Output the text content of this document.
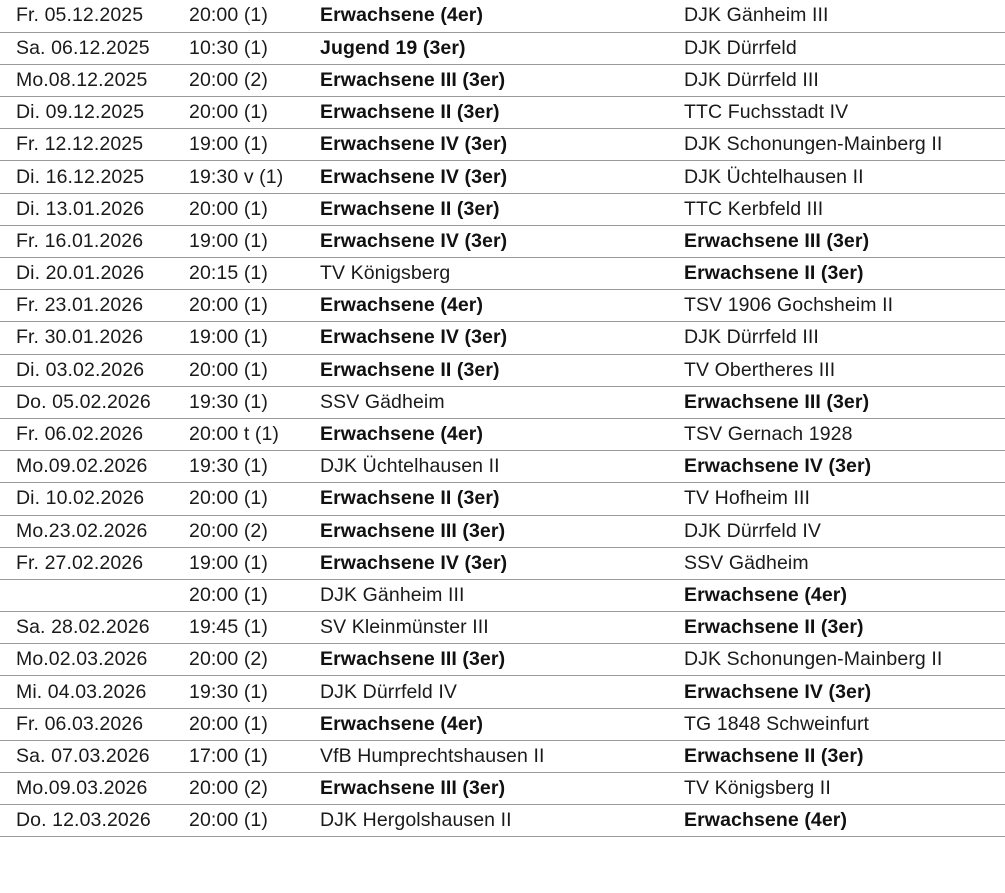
Fr. 05.12.2025	20:00 (1)	Erwachsene (4er)	DJK Gänheim III
Sa. 06.12.2025	10:30 (1)	Jugend 19 (3er)	DJK Dürrfeld
Mo.08.12.2025	20:00 (2)	Erwachsene III (3er)	DJK Dürrfeld III
Di. 09.12.2025	20:00 (1)	Erwachsene II (3er)	TTC Fuchsstadt IV
Fr. 12.12.2025	19:00 (1)	Erwachsene IV (3er)	DJK Schonungen-Mainberg II
Di. 16.12.2025	19:30 v (1)	Erwachsene IV (3er)	DJK Üchtelhausen II
Di. 13.01.2026	20:00 (1)	Erwachsene II (3er)	TTC Kerbfeld III
Fr. 16.01.2026	19:00 (1)	Erwachsene IV (3er)	Erwachsene III (3er)
Di. 20.01.2026	20:15 (1)	TV Königsberg	Erwachsene II (3er)
Fr. 23.01.2026	20:00 (1)	Erwachsene (4er)	TSV 1906 Gochsheim II
Fr. 30.01.2026	19:00 (1)	Erwachsene IV (3er)	DJK Dürrfeld III
Di. 03.02.2026	20:00 (1)	Erwachsene II (3er)	TV Obertheres III
Do. 05.02.2026	19:30 (1)	SSV Gädheim	Erwachsene III (3er)
Fr. 06.02.2026	20:00 t (1)	Erwachsene (4er)	TSV Gernach 1928
Mo.09.02.2026	19:30 (1)	DJK Üchtelhausen II	Erwachsene IV (3er)
Di. 10.02.2026	20:00 (1)	Erwachsene II (3er)	TV Hofheim III
Mo.23.02.2026	20:00 (2)	Erwachsene III (3er)	DJK Dürrfeld IV
Fr. 27.02.2026	19:00 (1)	Erwachsene IV (3er)	SSV Gädheim
	20:00 (1)	DJK Gänheim III	Erwachsene (4er)
Sa. 28.02.2026	19:45 (1)	SV Kleinmünster III	Erwachsene II (3er)
Mo.02.03.2026	20:00 (2)	Erwachsene III (3er)	DJK Schonungen-Mainberg II
Mi. 04.03.2026	19:30 (1)	DJK Dürrfeld IV	Erwachsene IV (3er)
Fr. 06.03.2026	20:00 (1)	Erwachsene (4er)	TG 1848 Schweinfurt
Sa. 07.03.2026	17:00 (1)	VfB Humprechtshausen II	Erwachsene II (3er)
Mo.09.03.2026	20:00 (2)	Erwachsene III (3er)	TV Königsberg II
Do. 12.03.2026	20:00 (1)	DJK Hergolshausen II	Erwachsene (4er)
